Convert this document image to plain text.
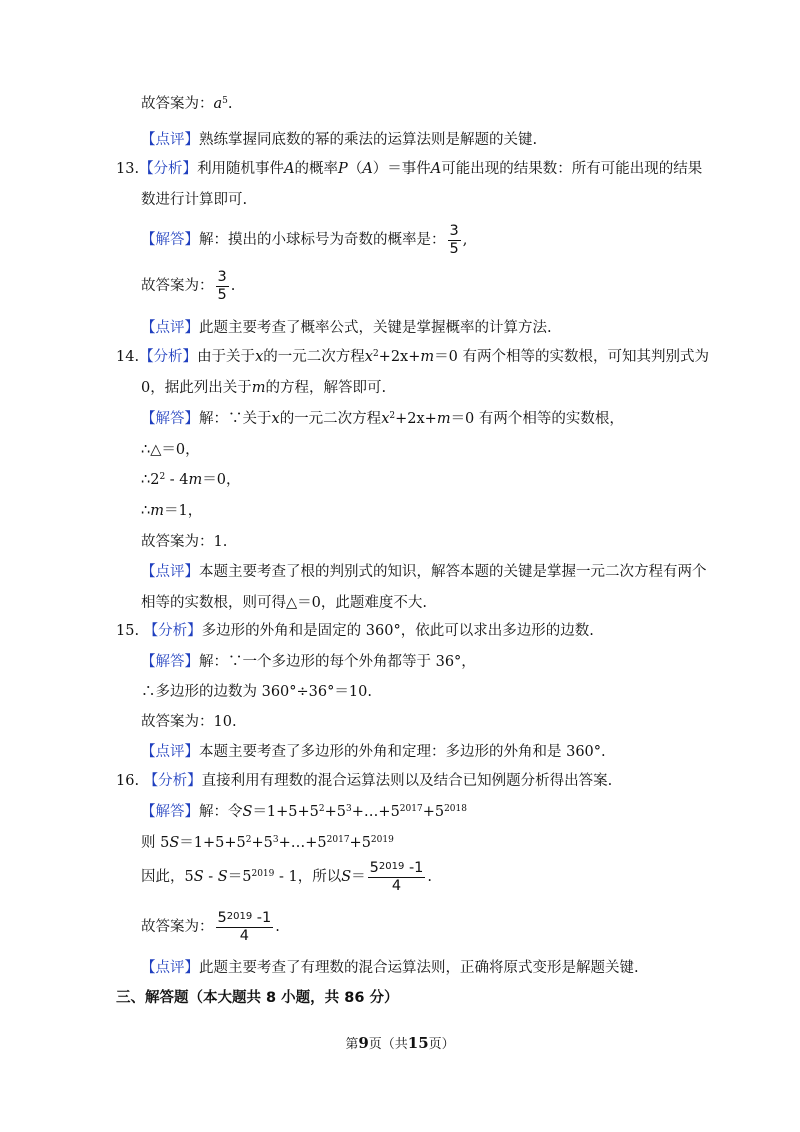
故答案为：$a^5$.
【点评】熟练掌握同底数的幂的乘法的运算法则是解题的关键.
13.【分析】利用随机事件A的概率P（A）＝事件A可能出现的结果数：所有可能出现的结果
数进行计算即可.
【解答】解：摸出的小球标号为奇数的概率是： $\frac{3}{5}$ ,
故答案为： $\frac{3}{5}$ .
【点评】此题主要考查了概率公式，关键是掌握概率的计算方法.
14.【分析】由于关于x的一元二次方程$x^2+2x+m=0$ 有两个相等的实数根，可知其判别式为
0，据此列出关于m的方程，解答即可.
【解答】解：∵关于x的一元二次方程$x^2+2x+m=0$ 有两个相等的实数根，
∴△＝0，
$\therefore 2^2 - 4m=0$，
∴m＝1，
故答案为：1.
【点评】本题主要考查了根的判别式的知识，解答本题的关键是掌握一元二次方程有两个
相等的实数根，则可得△＝0，此题难度不大.
15. 【分析】多边形的外角和是固定的 360°，依此可以求出多边形的边数.
【解答】解：∵一个多边形的每个外角都等于 36°，
∴多边形的边数为 360°÷36°＝10.
故答案为：10.
【点评】本题主要考查了多边形的外角和定理：多边形的外角和是 360°.
16. 【分析】直接利用有理数的混合运算法则以及结合已知例题分析得出答案.
【解答】解：令$S=1+5+5^2+5^3+\dots+5^{2017}+5^{2018}$
则 $5S=1+5+5^2+5^3+\dots+5^{2017}+5^{2019}$
因此，$5S - S=5^{2019} - 1$，所以$S= \frac{5^{2019} -1}{4}$ .
故答案为： $\frac{5^{2019} -1}{4}$ .
【点评】此题主要考查了有理数的混合运算法则，正确将原式变形是解题关键.
三、解答题（本大题共 8 小题，共 86 分）
第9页（共15页）
